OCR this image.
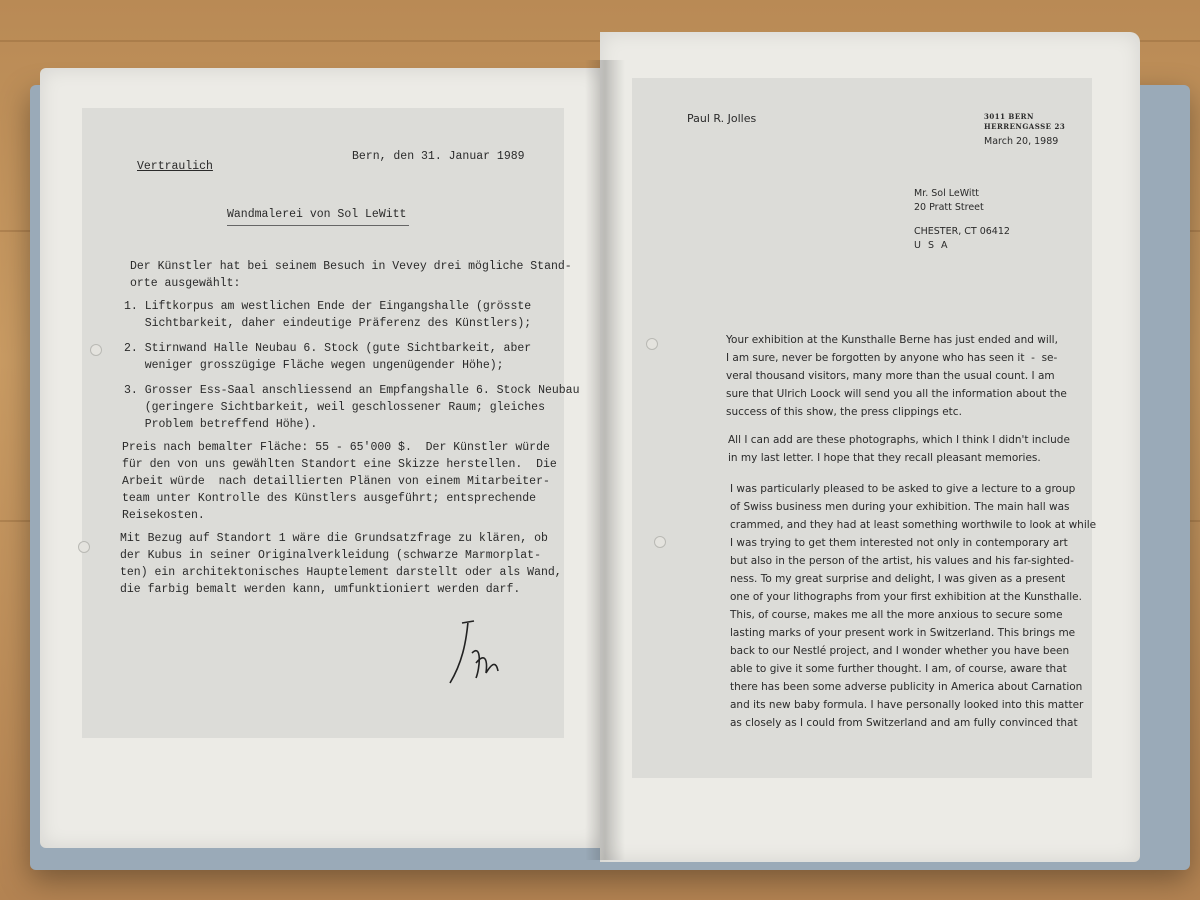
Vertraulich
Bern, den 31. Januar 1989
Wandmalerei von Sol LeWitt
Der Künstler hat bei seinem Besuch in Vevey drei mögliche Stand-
orte ausgewählt:
1. Liftkorpus am westlichen Ende der Eingangshalle (grösste
Sichtbarkeit, daher eindeutige Präferenz des Künstlers);
2. Stirnwand Halle Neubau 6. Stock (gute Sichtbarkeit, aber
weniger grosszügige Fläche wegen ungenügender Höhe);
3. Grosser Ess-Saal anschliessend an Empfangshalle 6. Stock Neubau
(geringere Sichtbarkeit, weil geschlossener Raum; gleiches
Problem betreffend Höhe).
Preis nach bemalter Fläche: 55 - 65'000 $.  Der Künstler würde
für den von uns gewählten Standort eine Skizze herstellen.  Die
Arbeit würde  nach detaillierten Plänen von einem Mitarbeiter-
team unter Kontrolle des Künstlers ausgeführt; entsprechende
Reisekosten.
Mit Bezug auf Standort 1 wäre die Grundsatzfrage zu klären, ob
der Kubus in seiner Originalverkleidung (schwarze Marmorplat-
ten) ein architektonisches Hauptelement darstellt oder als Wand,
die farbig bemalt werden kann, umfunktioniert werden darf.
Paul R. Jolles	3011 BERN
HERRENGASSE 23
March 20, 1989
Mr. Sol LeWitt
20 Pratt Street
CHESTER, CT 06412
U S A
Your exhibition at the Kunsthalle Berne has just ended and will,
I am sure, never be forgotten by anyone who has seen it  -  se-
veral thousand visitors, many more than the usual count. I am
sure that Ulrich Loock will send you all the information about the
success of this show, the press clippings etc.
All I can add are these photographs, which I think I didn't include
in my last letter. I hope that they recall pleasant memories.
I was particularly pleased to be asked to give a lecture to a group
of Swiss business men during your exhibition. The main hall was
crammed, and they had at least something worthwile to look at while
I was trying to get them interested not only in contemporary art
but also in the person of the artist, his values and his far-sighted-
ness. To my great surprise and delight, I was given as a present
one of your lithographs from your first exhibition at the Kunsthalle.
This, of course, makes me all the more anxious to secure some
lasting marks of your present work in Switzerland. This brings me
back to our Nestlé project, and I wonder whether you have been
able to give it some further thought. I am, of course, aware that
there has been some adverse publicity in America about Carnation
and its new baby formula. I have personally looked into this matter
as closely as I could from Switzerland and am fully convinced that
